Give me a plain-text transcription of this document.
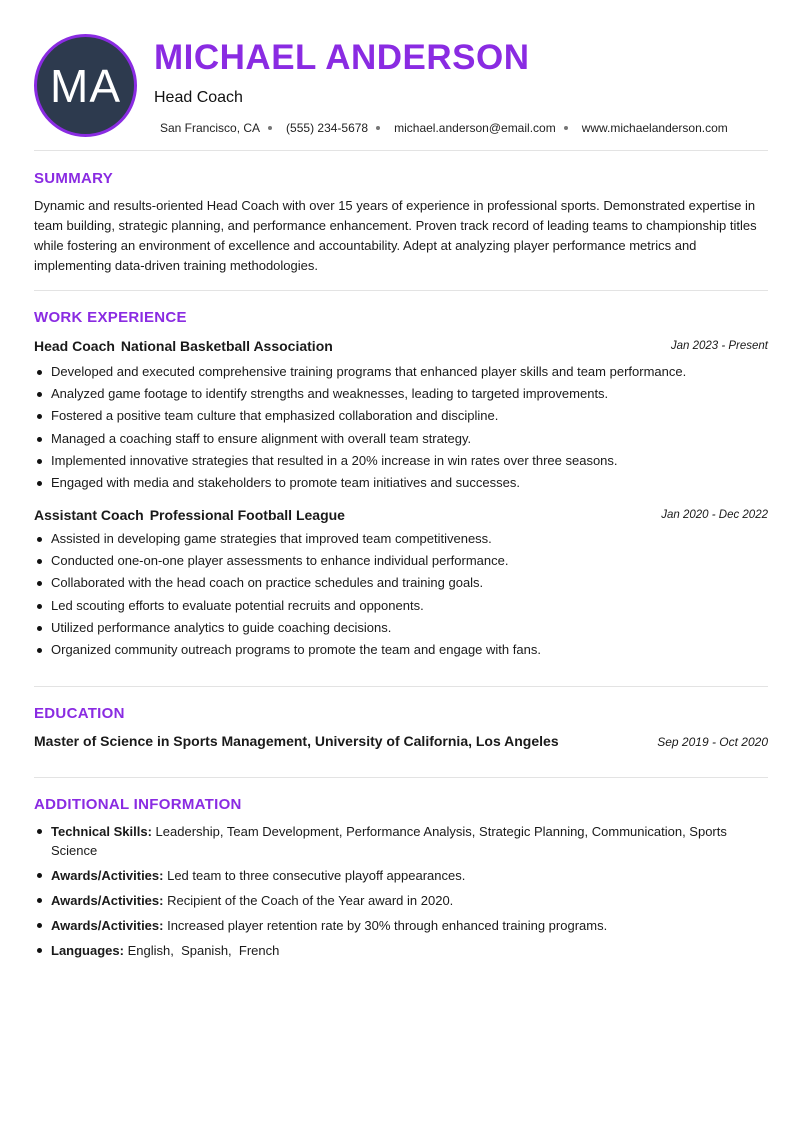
MA
MICHAEL ANDERSON
Head Coach
San Francisco, CA (555) 234-5678 michael.anderson@email.com www.michaelanderson.com
SUMMARY
Dynamic and results-oriented Head Coach with over 15 years of experience in professional sports. Demonstrated expertise in team building, strategic planning, and performance enhancement. Proven track record of leading teams to championship titles while fostering an environment of excellence and accountability. Adept at analyzing player performance metrics and implementing data-driven training methodologies.
WORK EXPERIENCE
Head Coach National Basketball Association	Jan 2023 - Present
Developed and executed comprehensive training programs that enhanced player skills and team performance.
Analyzed game footage to identify strengths and weaknesses, leading to targeted improvements.
Fostered a positive team culture that emphasized collaboration and discipline.
Managed a coaching staff to ensure alignment with overall team strategy.
Implemented innovative strategies that resulted in a 20% increase in win rates over three seasons.
Engaged with media and stakeholders to promote team initiatives and successes.
Assistant Coach Professional Football League	Jan 2020 - Dec 2022
Assisted in developing game strategies that improved team competitiveness.
Conducted one-on-one player assessments to enhance individual performance.
Collaborated with the head coach on practice schedules and training goals.
Led scouting efforts to evaluate potential recruits and opponents.
Utilized performance analytics to guide coaching decisions.
Organized community outreach programs to promote the team and engage with fans.
EDUCATION
Master of Science in Sports Management, University of California, Los Angeles	Sep 2019 - Oct 2020
ADDITIONAL INFORMATION
Technical Skills: Leadership, Team Development, Performance Analysis, Strategic Planning, Communication, Sports Science
Awards/Activities: Led team to three consecutive playoff appearances.
Awards/Activities: Recipient of the Coach of the Year award in 2020.
Awards/Activities: Increased player retention rate by 30% through enhanced training programs.
Languages: English,  Spanish,  French
